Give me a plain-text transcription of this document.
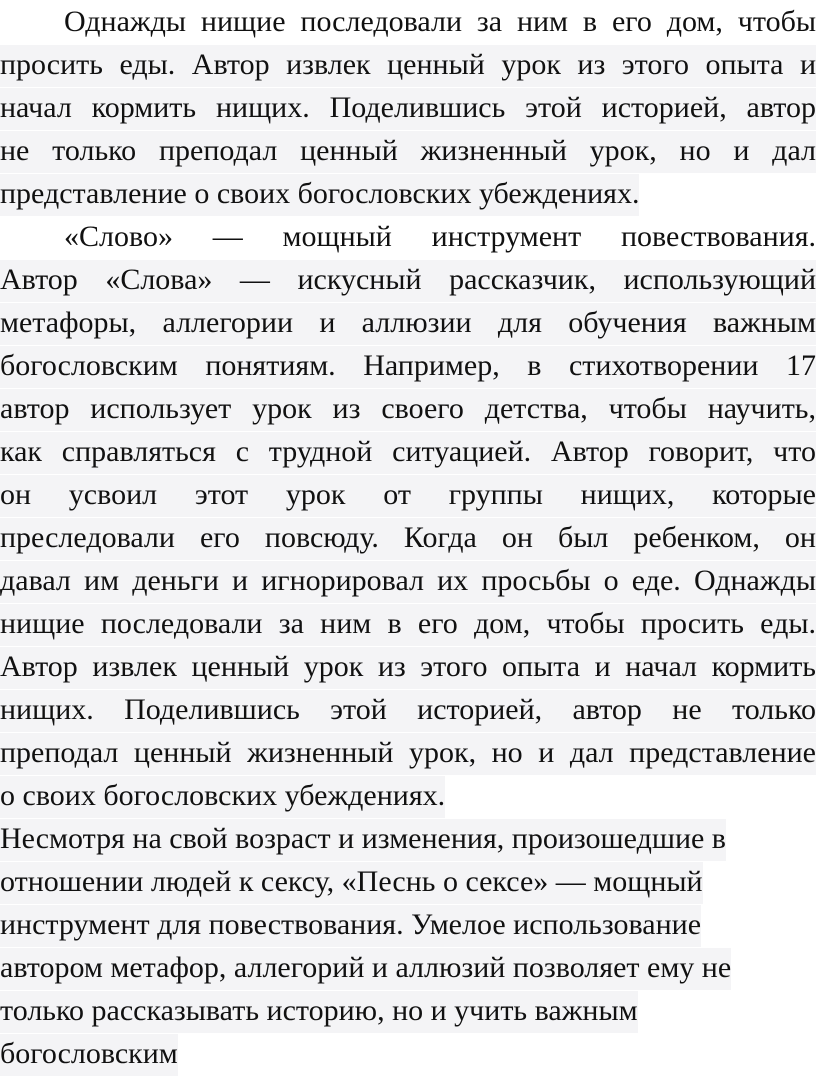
Однажды нищие последовали за ним в его дом, чтобы
просить еды. Автор извлек ценный урок из этого опыта и
начал кормить нищих. Поделившись этой историей, автор
не только преподал ценный жизненный урок, но и дал
представление о своих богословских убеждениях.
«Слово» — мощный инструмент повествования.
Автор «Слова» — искусный рассказчик, использующий
метафоры, аллегории и аллюзии для обучения важным
богословским понятиям. Например, в стихотворении 17
автор использует урок из своего детства, чтобы научить,
как справляться с трудной ситуацией. Автор говорит, что
он усвоил этот урок от группы нищих, которые
преследовали его повсюду. Когда он был ребенком, он
давал им деньги и игнорировал их просьбы о еде. Однажды
нищие последовали за ним в его дом, чтобы просить еды.
Автор извлек ценный урок из этого опыта и начал кормить
нищих. Поделившись этой историей, автор не только
преподал ценный жизненный урок, но и дал представление
о своих богословских убеждениях.
Несмотря на свой возраст и изменения, произошедшие в
отношении людей к сексу, «Песнь о сексе» — мощный
инструмент для повествования. Умелое использование
автором метафор, аллегорий и аллюзий позволяет ему не
только рассказывать историю, но и учить важным
богословским
